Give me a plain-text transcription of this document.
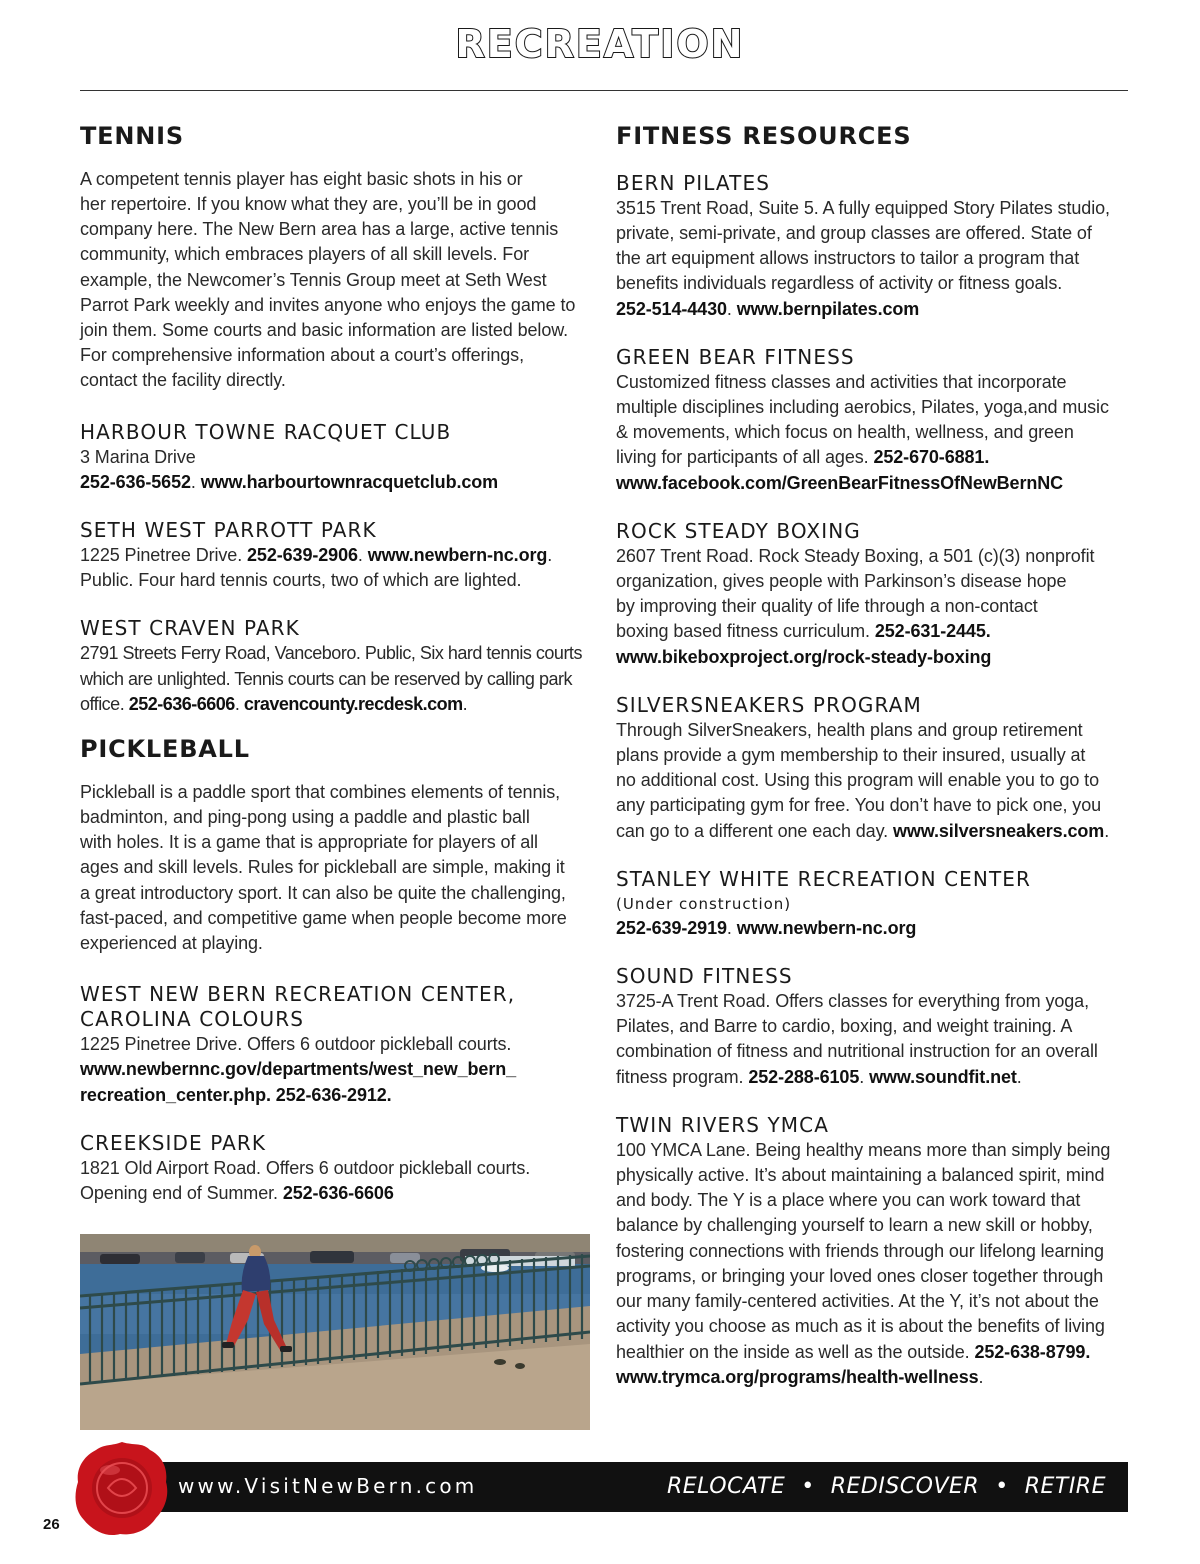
RECREATION
TENNIS
A competent tennis player has eight basic shots in his or
her repertoire. If you know what they are, you’ll be in good
company here. The New Bern area has a large, active tennis
community, which embraces players of all skill levels. For
example, the Newcomer’s Tennis Group meet at Seth West
Parrot Park weekly and invites anyone who enjoys the game to
join them. Some courts and basic information are listed below.
For comprehensive information about a court’s offerings,
contact the facility directly.
HARBOUR TOWNE RACQUET CLUB
3 Marina Drive
252-636-5652. www.harbourtownracquetclub.com
SETH WEST PARROTT PARK
1225 Pinetree Drive. 252-639-2906. www.newbern-nc.org.
Public. Four hard tennis courts, two of which are lighted.
WEST CRAVEN PARK
2791 Streets Ferry Road, Vanceboro. Public, Six hard tennis courts
which are unlighted. Tennis courts can be reserved by calling park
office. 252-636-6606. cravencounty.recdesk.com.
PICKLEBALL
Pickleball is a paddle sport that combines elements of tennis,
badminton, and ping-pong using a paddle and plastic ball
with holes. It is a game that is appropriate for players of all
ages and skill levels. Rules for pickleball are simple, making it
a great introductory sport. It can also be quite the challenging,
fast-paced, and competitive game when people become more
experienced at playing.
WEST NEW BERN RECREATION CENTER,
CAROLINA COLOURS
1225 Pinetree Drive. Offers 6 outdoor pickleball courts.
www.newbernnc.gov/departments/west_new_bern_
recreation_center.php. 252-636-2912.
CREEKSIDE PARK
1821 Old Airport Road. Offers 6 outdoor pickleball courts.
Opening end of Summer. 252-636-6606
FITNESS RESOURCES
BERN PILATES
3515 Trent Road, Suite 5. A fully equipped Story Pilates studio,
private, semi-private, and group classes are offered. State of
the art equipment allows instructors to tailor a program that
benefits individuals regardless of activity or fitness goals.
252-514-4430. www.bernpilates.com
GREEN BEAR FITNESS
Customized fitness classes and activities that incorporate
multiple disciplines including aerobics, Pilates, yoga,and music
& movements, which focus on health, wellness, and green
living for participants of all ages. 252-670-6881.
www.facebook.com/GreenBearFitnessOfNewBernNC
ROCK STEADY BOXING
2607 Trent Road. Rock Steady Boxing, a 501 (c)(3) nonprofit
organization, gives people with Parkinson’s disease hope
by improving their quality of life through a non-contact
boxing based fitness curriculum. 252-631-2445.
www.bikeboxproject.org/rock-steady-boxing
SILVERSNEAKERS PROGRAM
Through SilverSneakers, health plans and group retirement
plans provide a gym membership to their insured, usually at
no additional cost. Using this program will enable you to go to
any participating gym for free. You don’t have to pick one, you
can go to a different one each day. www.silversneakers.com.
STANLEY WHITE RECREATION CENTER
(Under construction)
252-639-2919. www.newbern-nc.org
SOUND FITNESS
3725-A Trent Road. Offers classes for everything from yoga,
Pilates, and Barre to cardio, boxing, and weight training. A
combination of fitness and nutritional instruction for an overall
fitness program. 252-288-6105. www.soundfit.net.
TWIN RIVERS YMCA
100 YMCA Lane. Being healthy means more than simply being
physically active. It’s about maintaining a balanced spirit, mind
and body. The Y is a place where you can work toward that
balance by challenging yourself to learn a new skill or hobby,
fostering connections with friends through our lifelong learning
programs, or bringing your loved ones closer together through
our many family-centered activities. At the Y, it’s not about the
activity you choose as much as it is about the benefits of living
healthier on the inside as well as the outside. 252-638-8799.
www.trymca.org/programs/health-wellness.
www.VisitNewBern.com	RELOCATE • REDISCOVER • RETIRE
26
